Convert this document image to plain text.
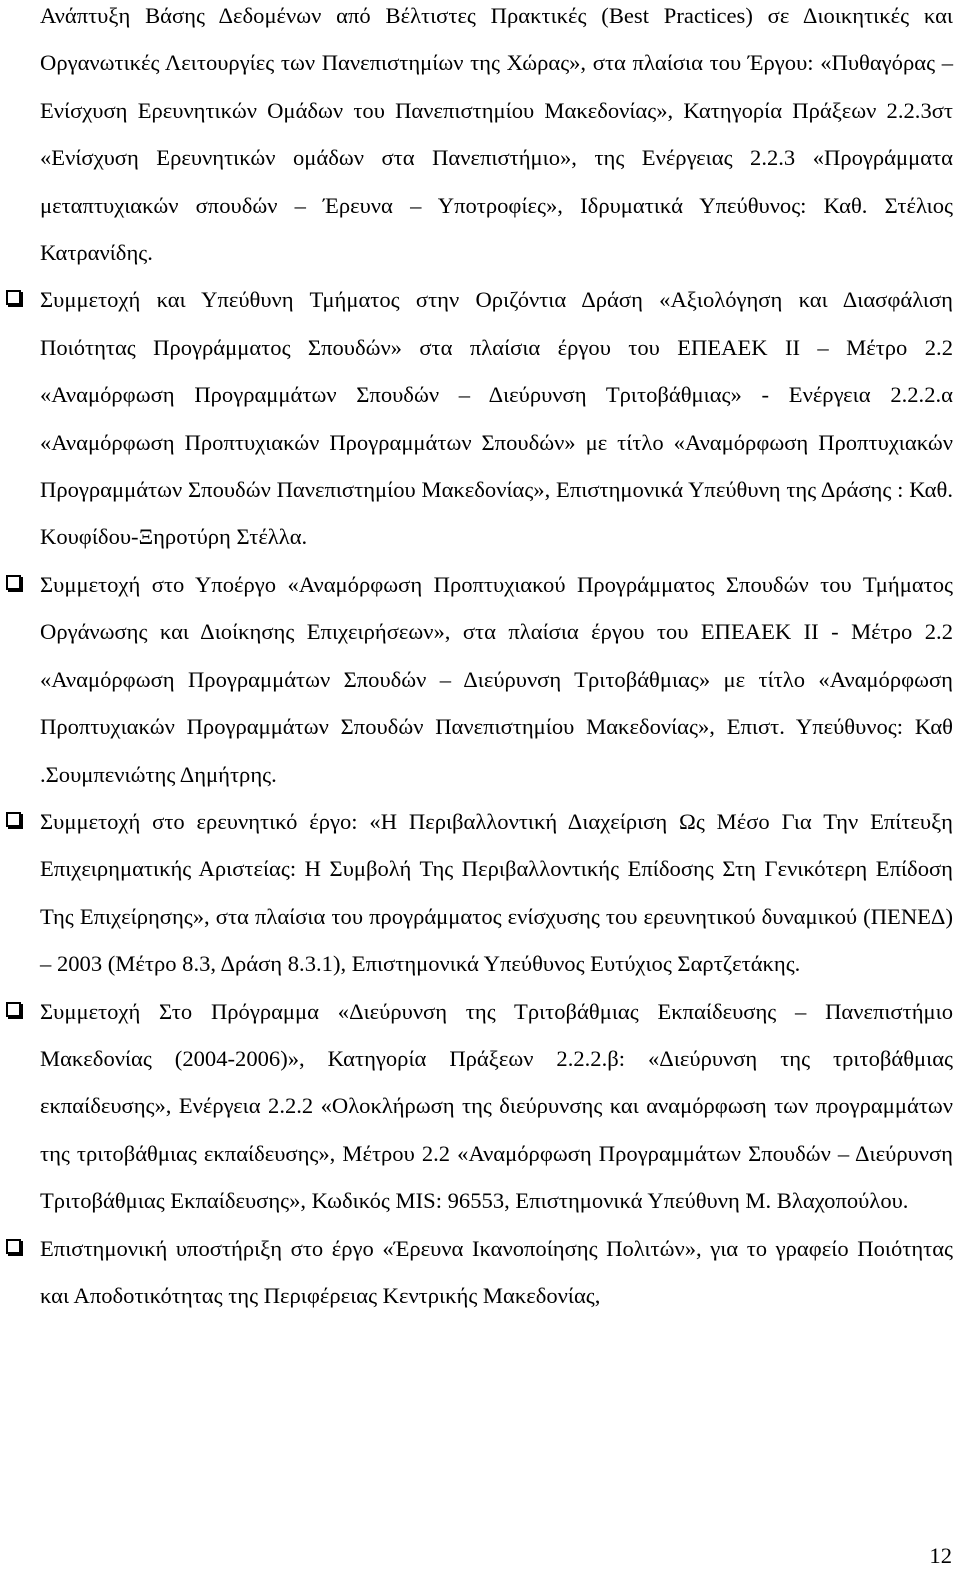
Ανάπτυξη Βάσης Δεδομένων από Βέλτιστες Πρακτικές (Best Practices) σε Διοικητικές και Οργανωτικές Λειτουργίες των Πανεπιστημίων της Χώρας», στα πλαίσια του Έργου: «Πυθαγόρας – Ενίσχυση Ερευνητικών Ομάδων του Πανεπιστημίου Μακεδονίας», Κατηγορία Πράξεων 2.2.3στ «Ενίσχυση Ερευνητικών ομάδων στα Πανεπιστήμιο», της Ενέργειας 2.2.3 «Προγράμματα μεταπτυχιακών σπουδών – Έρευνα – Υποτροφίες», Ιδρυματικά Υπεύθυνος: Καθ. Στέλιος Κατρανίδης.

Συμμετοχή και Υπεύθυνη Τμήματος στην Οριζόντια Δράση «Αξιολόγηση και Διασφάλιση Ποιότητας Προγράμματος Σπουδών» στα πλαίσια έργου του ΕΠΕΑΕΚ ΙΙ – Μέτρο 2.2 «Αναμόρφωση Προγραμμάτων Σπουδών – Διεύρυνση Τριτοβάθμιας» - Ενέργεια 2.2.2.α «Αναμόρφωση Προπτυχιακών Προγραμμάτων Σπουδών» με τίτλο «Αναμόρφωση Προπτυχιακών Προγραμμάτων Σπουδών Πανεπιστημίου Μακεδονίας», Επιστημονικά Υπεύθυνη της Δράσης : Καθ. Κουφίδου-Ξηροτύρη Στέλλα.

Συμμετοχή στο Υποέργο «Αναμόρφωση Προπτυχιακού Προγράμματος Σπουδών του Τμήματος Οργάνωσης και Διοίκησης Επιχειρήσεων», στα πλαίσια έργου του ΕΠΕΑΕΚ ΙΙ - Μέτρο 2.2 «Αναμόρφωση Προγραμμάτων Σπουδών – Διεύρυνση Τριτοβάθμιας» με τίτλο «Αναμόρφωση Προπτυχιακών Προγραμμάτων Σπουδών Πανεπιστημίου Μακεδονίας», Επιστ. Υπεύθυνος: Καθ .Σουμπενιώτης Δημήτρης.

Συμμετοχή στο ερευνητικό έργο: «Η Περιβαλλοντική Διαχείριση Ως Μέσο Για Την Επίτευξη Επιχειρηματικής Αριστείας: Η Συμβολή Της Περιβαλλοντικής Επίδοσης Στη Γενικότερη Επίδοση Της Επιχείρησης», στα πλαίσια του προγράμματος ενίσχυσης του ερευνητικού δυναμικού (ΠΕΝΕΔ) – 2003 (Μέτρο 8.3, Δράση 8.3.1), Επιστημονικά Υπεύθυνος Ευτύχιος Σαρτζετάκης.

Συμμετοχή Στο Πρόγραμμα «Διεύρυνση της Τριτοβάθμιας Εκπαίδευσης – Πανεπιστήμιο Μακεδονίας (2004-2006)», Κατηγορία Πράξεων 2.2.2.β: «Διεύρυνση της τριτοβάθμιας εκπαίδευσης», Ενέργεια 2.2.2 «Ολοκλήρωση της διεύρυνσης και αναμόρφωση των προγραμμάτων της τριτοβάθμιας εκπαίδευσης», Μέτρου 2.2 «Αναμόρφωση Προγραμμάτων Σπουδών – Διεύρυνση Τριτοβάθμιας Εκπαίδευσης», Κωδικός MIS: 96553, Επιστημονικά Υπεύθυνη Μ. Βλαχοπούλου.

Επιστημονική υποστήριξη στο έργο «Έρευνα Ικανοποίησης Πολιτών», για το γραφείο Ποιότητας και Αποδοτικότητας της Περιφέρειας Κεντρικής Μακεδονίας,

12
